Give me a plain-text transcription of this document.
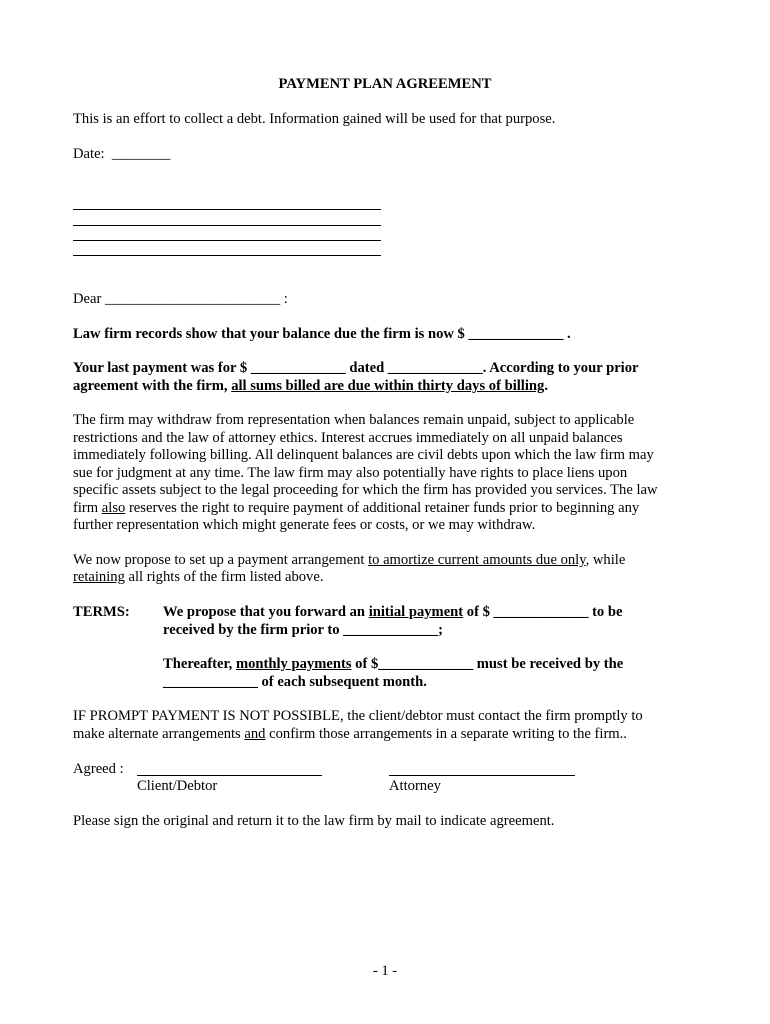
PAYMENT PLAN AGREEMENT

This is an effort to collect a debt. Information gained will be used for that purpose.

Date: ________

Dear ________________________ :

Law firm records show that your balance due the firm is now $ _____________ .

Your last payment was for $ _____________ dated _____________. According to your prior

agreement with the firm, all sums billed are due within thirty days of billing.

The firm may withdraw from representation when balances remain unpaid, subject to applicable

restrictions and the law of attorney ethics. Interest accrues immediately on all unpaid balances

immediately following billing. All delinquent balances are civil debts upon which the law firm may

sue for judgment at any time. The law firm may also potentially have rights to place liens upon

specific assets subject to the legal proceeding for which the firm has provided you services. The law

firm also reserves the right to require payment of additional retainer funds prior to beginning any

further representation which might generate fees or costs, or we may withdraw.

We now propose to set up a payment arrangement to amortize current amounts due only, while

retaining all rights of the firm listed above.

TERMS: We propose that you forward an initial payment of $ _____________ to be

received by the firm prior to _____________;

Thereafter, monthly payments of $_____________ must be received by the

_____________ of each subsequent month.

IF PROMPT PAYMENT IS NOT POSSIBLE, the client/debtor must contact the firm promptly to

make alternate arrangements and confirm those arrangements in a separate writing to the firm..

Agreed :

Client/Debtor	Attorney

Please sign the original and return it to the law firm by mail to indicate agreement.

- 1 -
